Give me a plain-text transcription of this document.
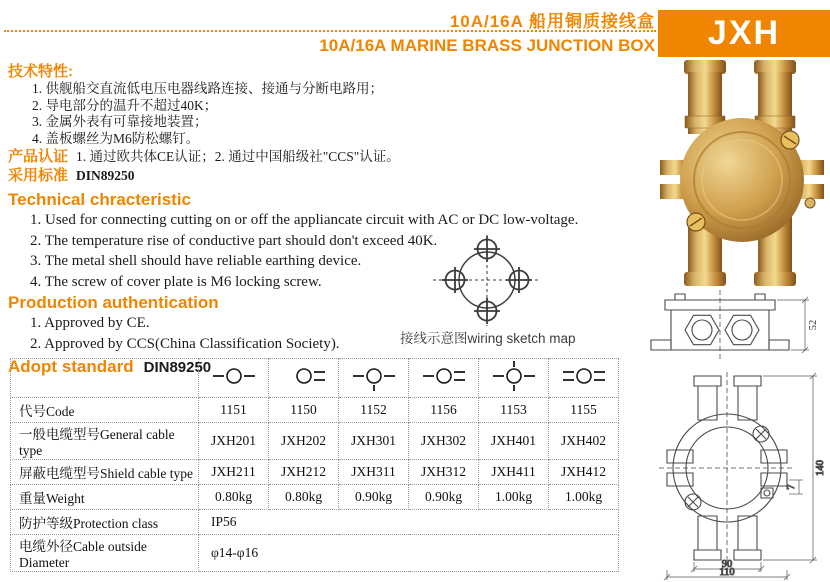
10A/16A 船用铜质接线盒
10A/16A MARINE BRASS JUNCTION BOX	JXH
技术特性:
1. 供舰船交直流低电压电器线路连接、接通与分断电路用；
2. 导电部分的温升不超过40K；
3. 金属外表有可靠接地装置；
4. 盖板螺丝为M6防松螺钉。
产品认证 1. 通过欧共体CE认证；2. 通过中国船级社"CCS"认证。
采用标准 DIN89250
Technical chracteristic
1. Used for connecting cutting on or off the appliancate circuit with AC or DC low-voltage.
2. The temperature rise of conductive part should don't exceed 40K.
3. The metal shell should have reliable earthing device.
4. The screw of cover plate is M6 locking screw.
Production authentication
1. Approved by CE.
2. Approved by CCS(China Classification Society).
Adopt standard DIN89250
接线示意图wiring sketch map

代号Code	1151	1150	1152	1156	1153	1155
一般电缆型号General cable type	JXH201	JXH202	JXH301	JXH302	JXH401	JXH402
屏蔽电缆型号Shield cable type	JXH211	JXH212	JXH311	JXH312	JXH411	JXH412
重量Weight	0.80kg	0.80kg	0.90kg	0.90kg	1.00kg	1.00kg
防护等级Protection class	IP56					
电缆外径Cable outside Diameter	φ14-φ16					
52
140
7
90
110
